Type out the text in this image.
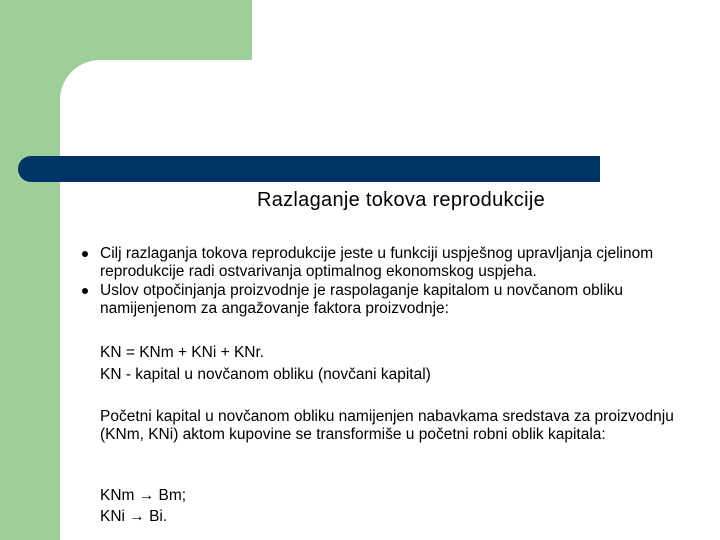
Razlaganje tokova reprodukcije
Cilj razlaganja tokova reprodukcije jeste u funkciji uspješnog upravljanja cjelinom reprodukcije radi ostvarivanja optimalnog ekonomskog uspjeha.
Uslov otpočinjanja proizvodnje je raspolaganje kapitalom u novčanom obliku namijenjenom za angažovanje faktora proizvodnje:

KN = KNm + KNi + KNr.

KN - kapital u novčanom obliku (novčani kapital)

Početni kapital u novčanom obliku namijenjen nabavkama sredstava za proizvodnju (KNm, KNi) aktom kupovine se transformiše u početni robni oblik kapitala:

KNm → Bm;

KNi → Bi.
